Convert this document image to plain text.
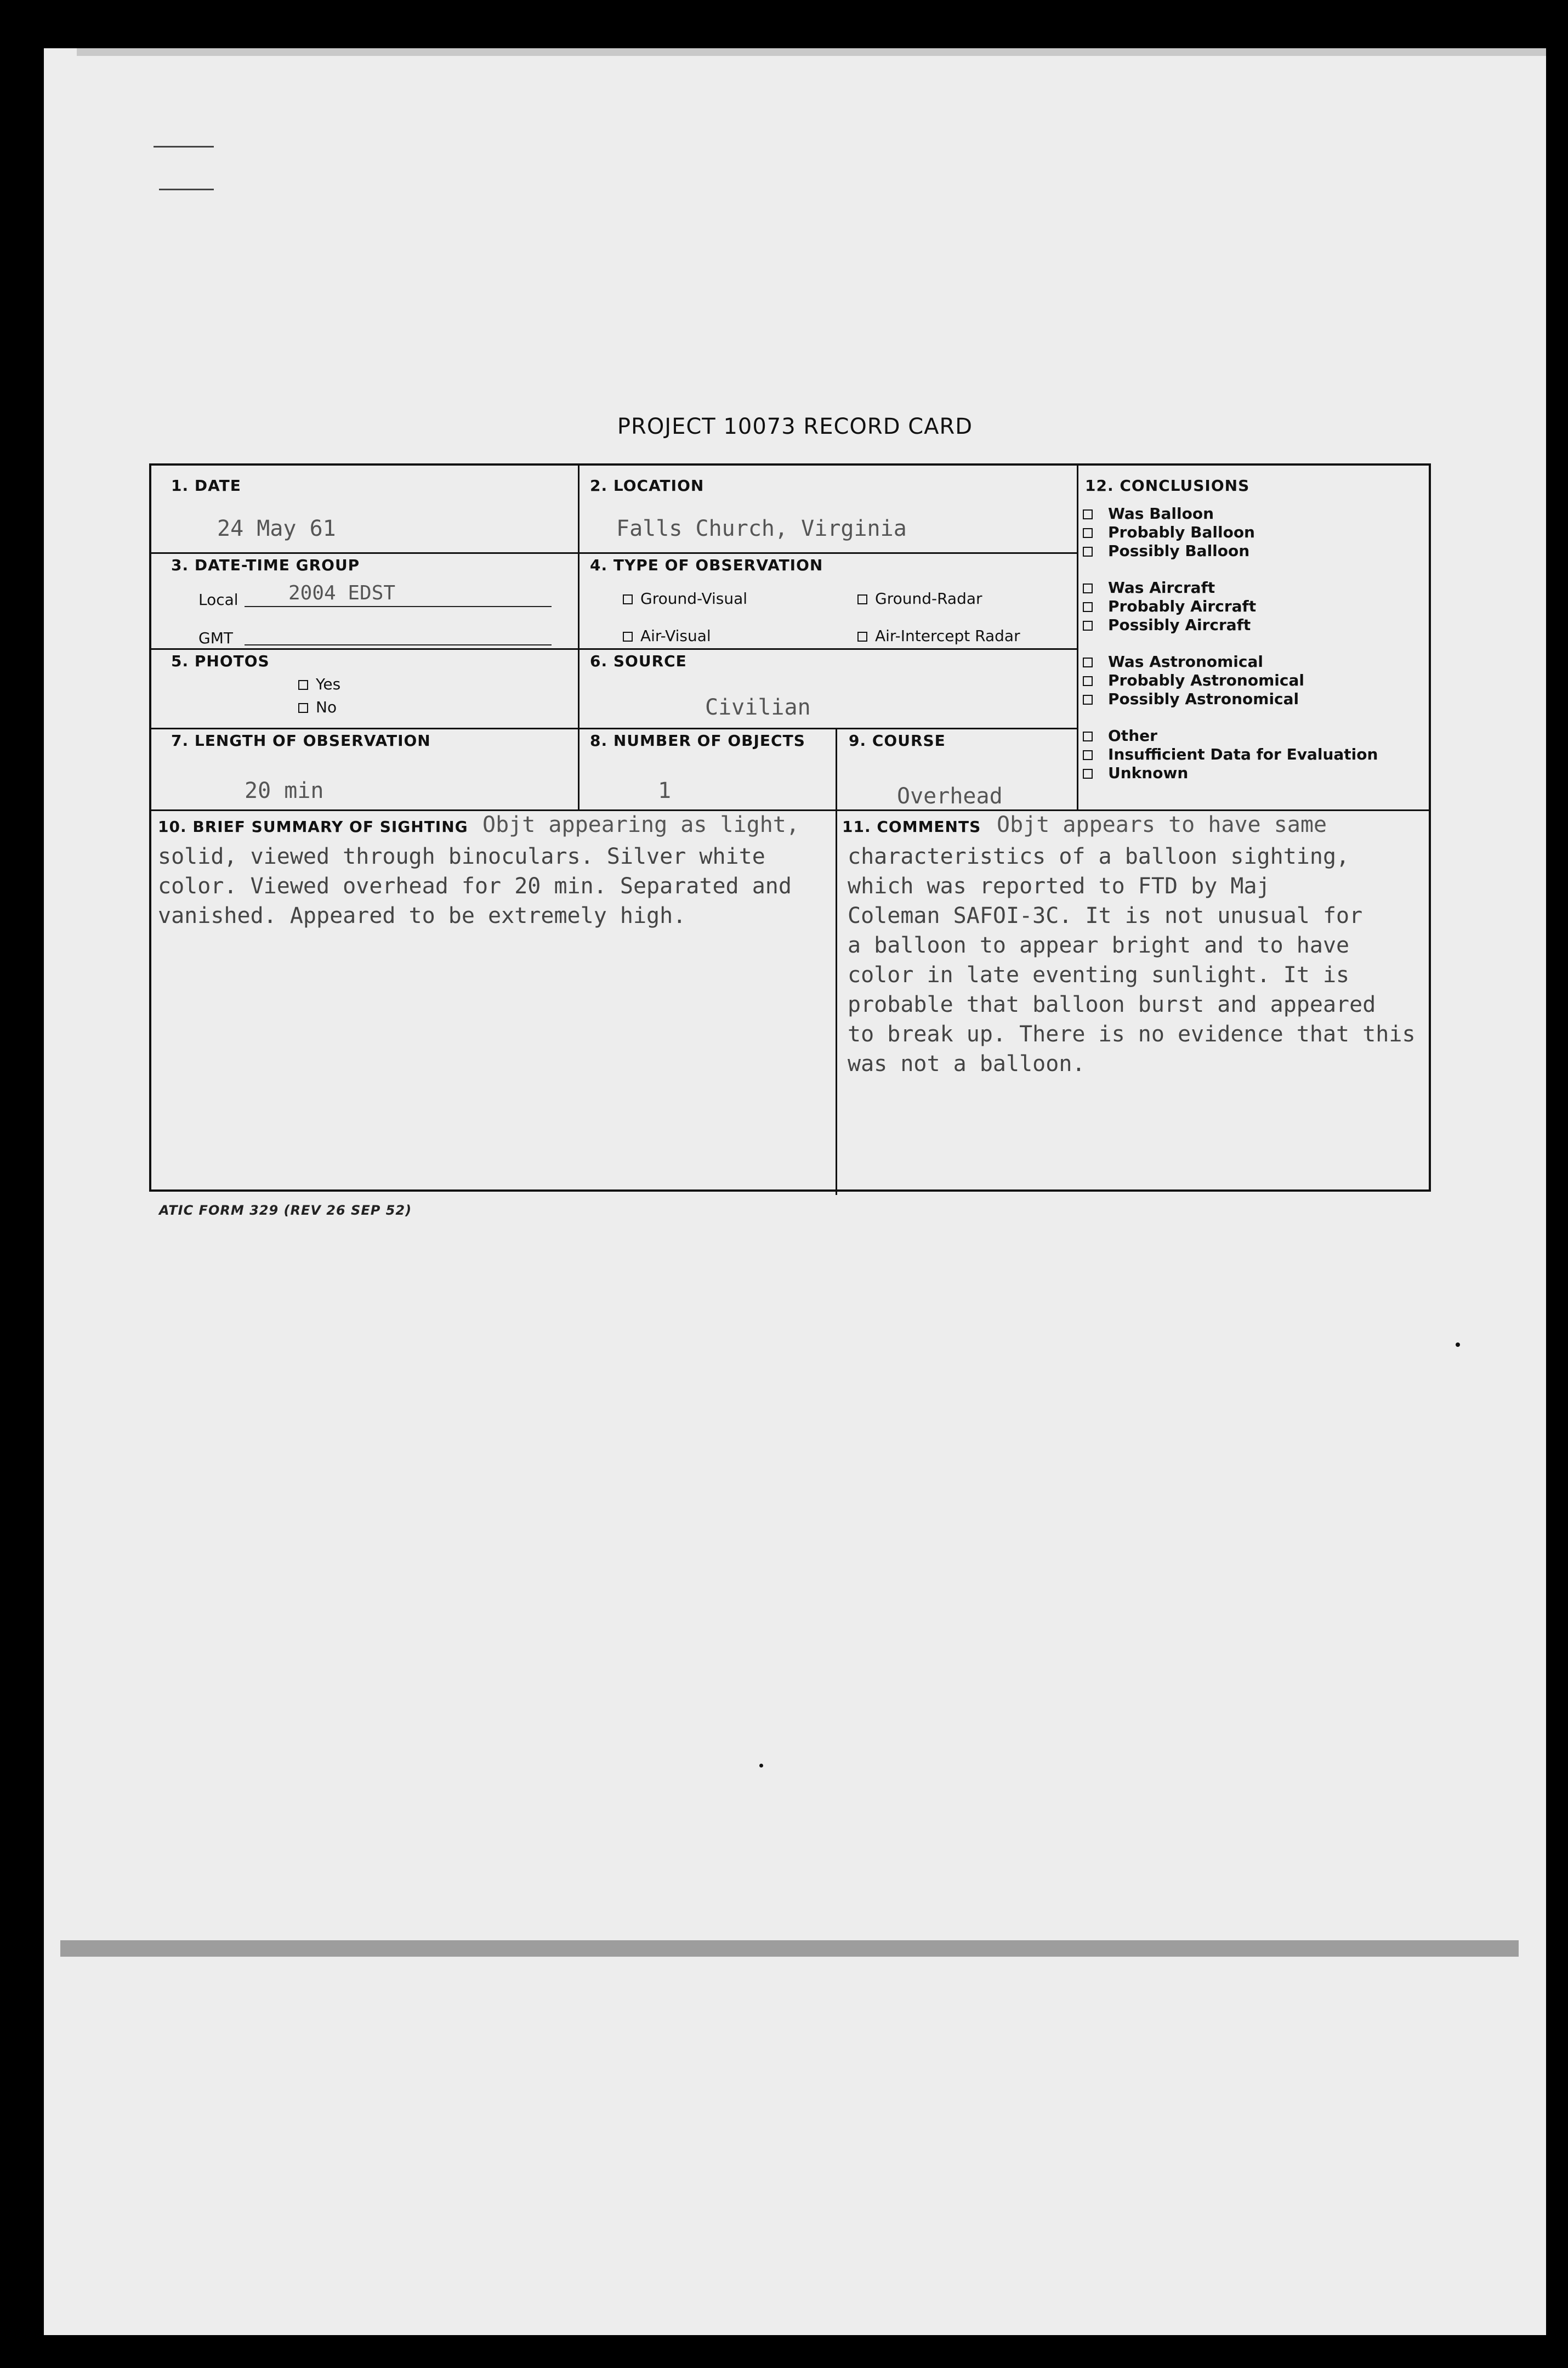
PROJECT 10073 RECORD CARD
1. DATE
24 May 61
2. LOCATION
Falls Church, Virginia
3. DATE-TIME GROUP
Local	2004 EDST
GMT
4. TYPE OF OBSERVATION
Ground-Visual	Ground-Radar
Air-Visual	Air-Intercept Radar
5. PHOTOS
Yes
No
6. SOURCE
Civilian
7. LENGTH OF OBSERVATION
20 min
8. NUMBER OF OBJECTS
1
9. COURSE
Overhead
10. BRIEF SUMMARY OF SIGHTING Objt appearing as light,
solid, viewed through binoculars. Silver white
color. Viewed overhead for 20 min. Separated and
vanished. Appeared to be extremely high.
11. COMMENTS Objt appears to have same
characteristics of a balloon sighting,
which was reported to FTD by Maj
Coleman SAFOI-3C. It is not unusual for
a balloon to appear bright and to have
color in late eventing sunlight. It is
probable that balloon burst and appeared
to break up. There is no evidence that this
was not a balloon.
12. CONCLUSIONS
Was Balloon
Probably Balloon
Possibly Balloon
Was Aircraft
Probably Aircraft
Possibly Aircraft
Was Astronomical
Probably Astronomical
Possibly Astronomical
Other
Insufficient Data for Evaluation
Unknown
ATIC FORM 329 (REV 26 SEP 52)
